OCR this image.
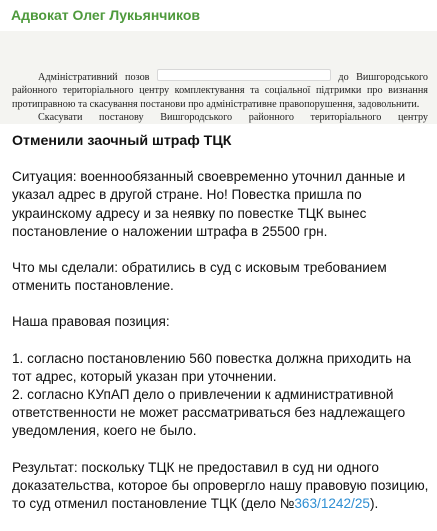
Адвокат Олег Лукьянчиков

Адміністративний позов	до Вишгородського районного територіального центру комплектування та соціальної підтримки про визнання протиправною та скасування постанови про адміністративне правопорушення, задовольнити.

Скасувати постанову Вишгородського районного територіального центру

Отменили заочный штраф ТЦК

Ситуация: военнообязанный своевременно уточнил данные и указал адрес в другой стране. Но! Повестка пришла по украинскому адресу и за неявку по повестке ТЦК вынес постановление о наложении штрафа в 25500 грн.

Что мы сделали: обратились в суд с исковым требованием отменить постановление.

Наша правовая позиция:

1. согласно постановлению 560 повестка должна приходить на тот адрес, который указан при уточнении.
2. согласно КУпАП дело о привлечении к административной ответственности не может рассматриваться без надлежащего уведомления, коего не было.

Результат: поскольку ТЦК не предоставил в суд ни одного доказательства, которое бы опровергло нашу правовую позицию, то суд отменил постановление ТЦК (дело №363/1242/25).
